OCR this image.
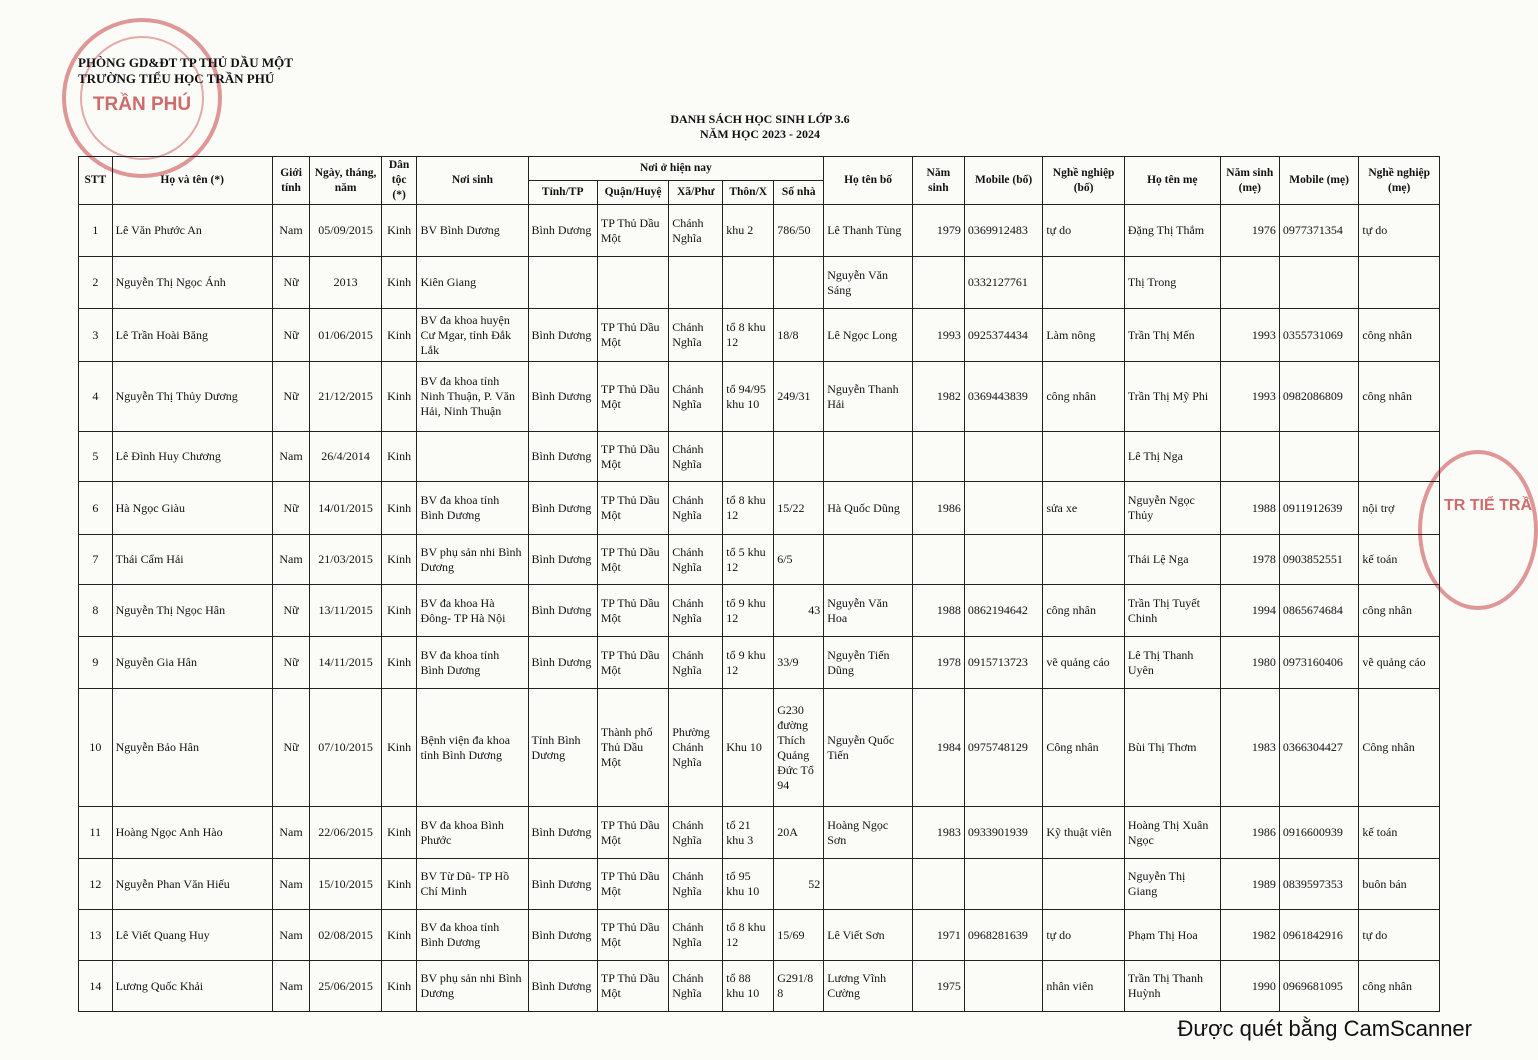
TRẦN PHÚ
TR TIỂ TRẦ
PHÒNG GD&ĐT TP THỦ DẦU MỘT
TRƯỜNG TIỂU HỌC TRẦN PHÚ
DANH SÁCH HỌC SINH LỚP 3.6
NĂM HỌC 2023 - 2024
STT	Họ và tên (*)	Giới tính	Ngày, tháng, năm	Dân tộc (*)	Nơi sinh	Nơi ở hiện nay					Họ tên bố	Năm sinh	Mobile (bố)	Nghề nghiệp (bố)	Họ tên mẹ	Năm sinh (mẹ)	Mobile (mẹ)	Nghề nghiệp (mẹ)
						Tỉnh/TP	Quận/Huyệ	Xã/Phư	Thôn/X	Số nhà								
1	Lê Văn Phước An	Nam	05/09/2015	Kinh	BV Bình Dương	Bình Dương	TP Thủ Dầu Một	Chánh Nghĩa	khu 2	786/50	Lê Thanh Tùng	1979	0369912483	tự do	Đặng Thị Thắm	1976	0977371354	tự do
2	Nguyễn Thị Ngọc Ánh	Nữ	2013	Kinh	Kiên Giang						Nguyễn Văn Sáng		0332127761		Thị Trong			
3	Lê Trần Hoài Băng	Nữ	01/06/2015	Kinh	BV đa khoa huyện Cư Mgar, tỉnh Đắk Lắk	Bình Dương	TP Thủ Dầu Một	Chánh Nghĩa	tổ 8 khu 12	18/8	Lê Ngọc Long	1993	0925374434	Làm nông	Trần Thị Mến	1993	0355731069	công nhân
4	Nguyễn Thị Thủy Dương	Nữ	21/12/2015	Kinh	BV đa khoa tỉnh Ninh Thuận, P. Văn Hải, Ninh Thuận	Bình Dương	TP Thủ Dầu Một	Chánh Nghĩa	tổ 94/95 khu 10	249/31	Nguyễn Thanh Hải	1982	0369443839	công nhân	Trần Thị Mỹ Phi	1993	0982086809	công nhân
5	Lê Đình Huy Chương	Nam	26/4/2014	Kinh		Bình Dương	TP Thủ Dầu Một	Chánh Nghĩa							Lê Thị Nga			
6	Hà Ngọc Giàu	Nữ	14/01/2015	Kinh	BV đa khoa tỉnh Bình Dương	Bình Dương	TP Thủ Dầu Một	Chánh Nghĩa	tổ 8 khu 12	15/22	Hà Quốc Dũng	1986		sửa xe	Nguyễn Ngọc Thủy	1988	0911912639	nội trợ
7	Thái Cẩm Hải	Nam	21/03/2015	Kinh	BV phụ sản nhi Bình Dương	Bình Dương	TP Thủ Dầu Một	Chánh Nghĩa	tổ 5 khu 12	6/5					Thái Lệ Nga	1978	0903852551	kế toán
8	Nguyễn Thị Ngọc Hân	Nữ	13/11/2015	Kinh	BV đa khoa Hà Đông- TP Hà Nội	Bình Dương	TP Thủ Dầu Một	Chánh Nghĩa	tổ 9 khu 12	43	Nguyễn Văn Hoa	1988	0862194642	công nhân	Trần Thị Tuyết Chinh	1994	0865674684	công nhân
9	Nguyễn Gia Hân	Nữ	14/11/2015	Kinh	BV đa khoa tỉnh Bình Dương	Bình Dương	TP Thủ Dầu Một	Chánh Nghĩa	tổ 9 khu 12	33/9	Nguyễn Tiến Dũng	1978	0915713723	vẽ quảng cáo	Lê Thị Thanh Uyên	1980	0973160406	vẽ quảng cáo
10	Nguyễn Bảo Hân	Nữ	07/10/2015	Kinh	Bệnh viện đa khoa tỉnh Bình Dương	Tỉnh Bình Dương	Thành phố Thủ Dầu Một	Phường Chánh Nghĩa	Khu 10	G230 đường Thích Quảng Đức Tổ 94	Nguyễn Quốc Tiến	1984	0975748129	Công nhân	Bùi Thị Thơm	1983	0366304427	Công nhân
11	Hoàng Ngọc Anh Hào	Nam	22/06/2015	Kinh	BV đa khoa Bình Phước	Bình Dương	TP Thủ Dầu Một	Chánh Nghĩa	tổ 21 khu 3	20A	Hoàng Ngọc Sơn	1983	0933901939	Kỹ thuật viên	Hoàng Thị Xuân Ngọc	1986	0916600939	kế toán
12	Nguyễn Phan Văn Hiếu	Nam	15/10/2015	Kinh	BV Từ Dũ- TP Hồ Chí Minh	Bình Dương	TP Thủ Dầu Một	Chánh Nghĩa	tổ 95 khu 10	52					Nguyễn Thị Giang	1989	0839597353	buôn bán
13	Lê Viết Quang Huy	Nam	02/08/2015	Kinh	BV đa khoa tỉnh Bình Dương	Bình Dương	TP Thủ Dầu Một	Chánh Nghĩa	tổ 8 khu 12	15/69	Lê Viết Sơn	1971	0968281639	tự do	Phạm Thị Hoa	1982	0961842916	tự do
14	Lương Quốc Khải	Nam	25/06/2015	Kinh	BV phụ sản nhi Bình Dương	Bình Dương	TP Thủ Dầu Một	Chánh Nghĩa	tổ 88 khu 10	G291/8 8	Lương Vĩnh Cường	1975		nhân viên	Trần Thị Thanh Huỳnh	1990	0969681095	công nhân
Được quét bằng CamScanner
